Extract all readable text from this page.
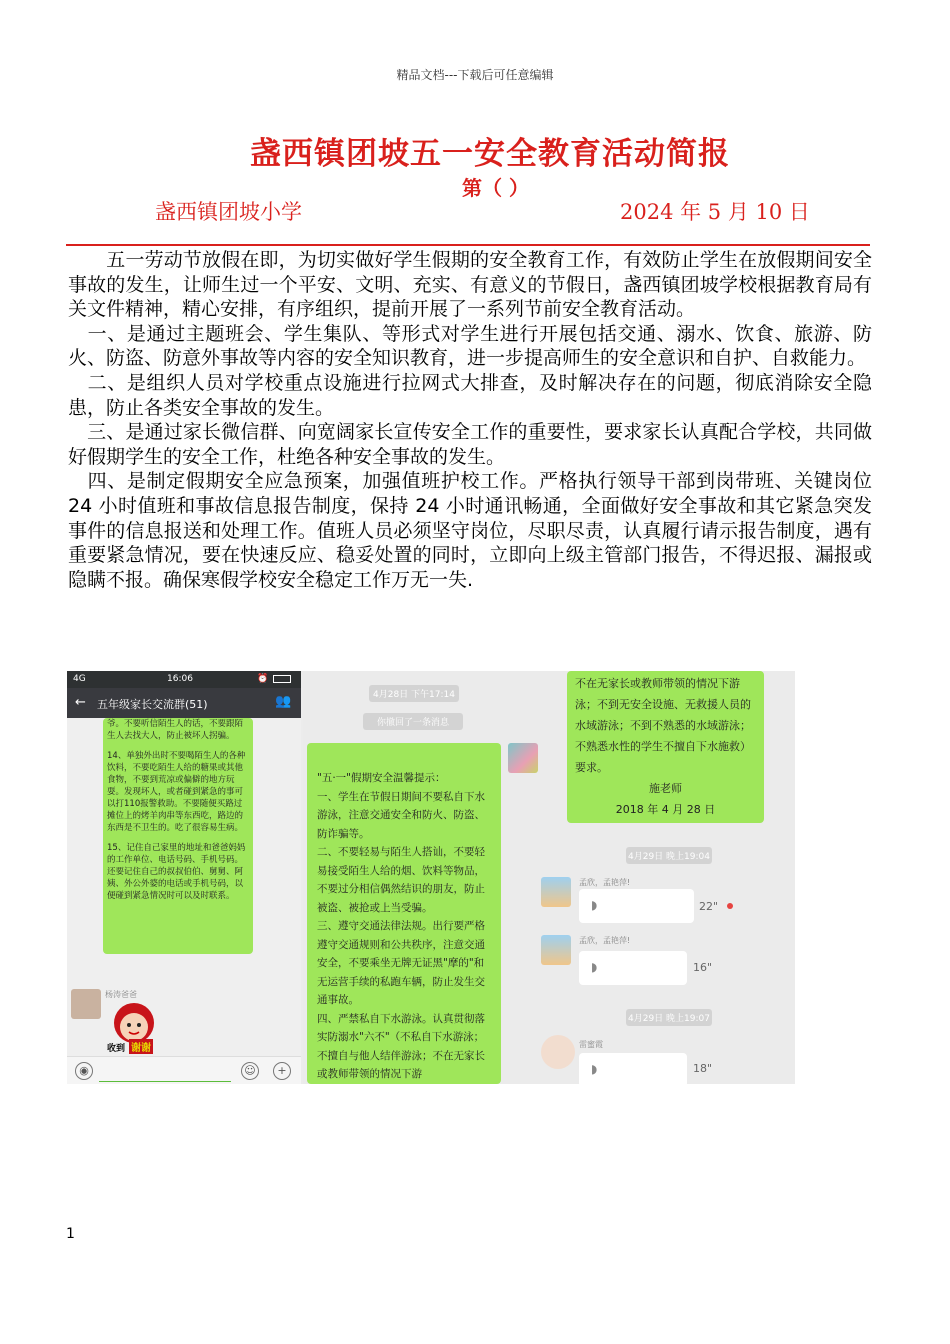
精品文档---下载后可任意编辑
盏西镇团坡五一安全教育活动简报
第（ ）
盏西镇团坡小学	2024 年 5 月 10 日

　　五一劳动节放假在即，为切实做好学生假期的安全教育工作，有效防止学生在放假期间安全事故的发生，让师生过一个平安、文明、充实、有意义的节假日，盏西镇团坡学校根据教育局有关文件精神，精心安排，有序组织，提前开展了一系列节前安全教育活动。

　一、是通过主题班会、学生集队、等形式对学生进行开展包括交通、溺水、饮食、旅游、防火、防盗、防意外事故等内容的安全知识教育，进一步提高师生的安全意识和自护、自救能力。

　二、是组织人员对学校重点设施进行拉网式大排查，及时解决存在的问题，彻底消除安全隐患，防止各类安全事故的发生。

　三、是通过家长微信群、向宽阔家长宣传安全工作的重要性，要求家长认真配合学校，共同做好假期学生的安全工作，杜绝各种安全事故的发生。

　四、是制定假期安全应急预案，加强值班护校工作。严格执行领导干部到岗带班、关键岗位 24 小时值班和事故信息报告制度，保持 24 小时通讯畅通，全面做好安全事故和其它紧急突发事件的信息报送和处理工作。值班人员必须坚守岗位，尽职尽责，认真履行请示报告制度，遇有重要紧急情况，要在快速反应、稳妥处置的同时，立即向上级主管部门报告，不得迟报、漏报或隐瞒不报。确保寒假学校安全稳定工作万无一失.

4G	16:06	⏰
← 五年级家长交流群(51)	👥

爷。不要听信陌生人的话，不要跟陌生人去找大人，防止被坏人拐骗。

14、单独外出时不要喝陌生人的各种饮料，不要吃陌生人给的糖果或其他食物，不要到荒凉或偏僻的地方玩耍。发现坏人，或者碰到紧急的事可以打110报警救助。不要随便买路过摊位上的烤羊肉串等东西吃，路边的东西是不卫生的。吃了很容易生病。

15、记住自己家里的地址和爸爸妈妈的工作单位、电话号码、手机号码。还要记住自己的叔叔伯伯、舅舅、阿姨、外公外婆的电话或手机号码，以便碰到紧急情况时可以及时联系。

杨涛爸爸
收到 谢谢
◉	☺	+
4月28日 下午17:14
你撤回了一条消息

"五·一"假期安全温馨提示：

一、学生在节假日期间不要私自下水游泳，注意交通安全和防火、防盗、防诈骗等。

二、不要轻易与陌生人搭讪，不要轻易接受陌生人给的烟、饮料等物品，不要过分相信偶然结识的朋友，防止被盗、被抢或上当受骗。

三、遵守交通法律法规。出行要严格遵守交通规则和公共秩序，注意交通安全，不要乘坐无牌无证黑"摩的"和无运营手续的私跑车辆，防止发生交通事故。

四、严禁私自下水游泳。认真贯彻落实防溺水"六不"（不私自下水游泳；不擅自与他人结伴游泳；不在无家长或教师带领的情况下游

不在无家长或教师带领的情况下游泳；不到无安全设施、无救援人员的水域游泳；不到不熟悉的水域游泳；不熟悉水性的学生不擅自下水施救）要求。

施老师

2018 年 4 月 28 日

4月29日 晚上19:04
孟欣，孟艳萍!
◗	22"
孟欣，孟艳萍!
◗	16"
4月29日 晚上19:07
雷蜜霞
◗	18"
1
